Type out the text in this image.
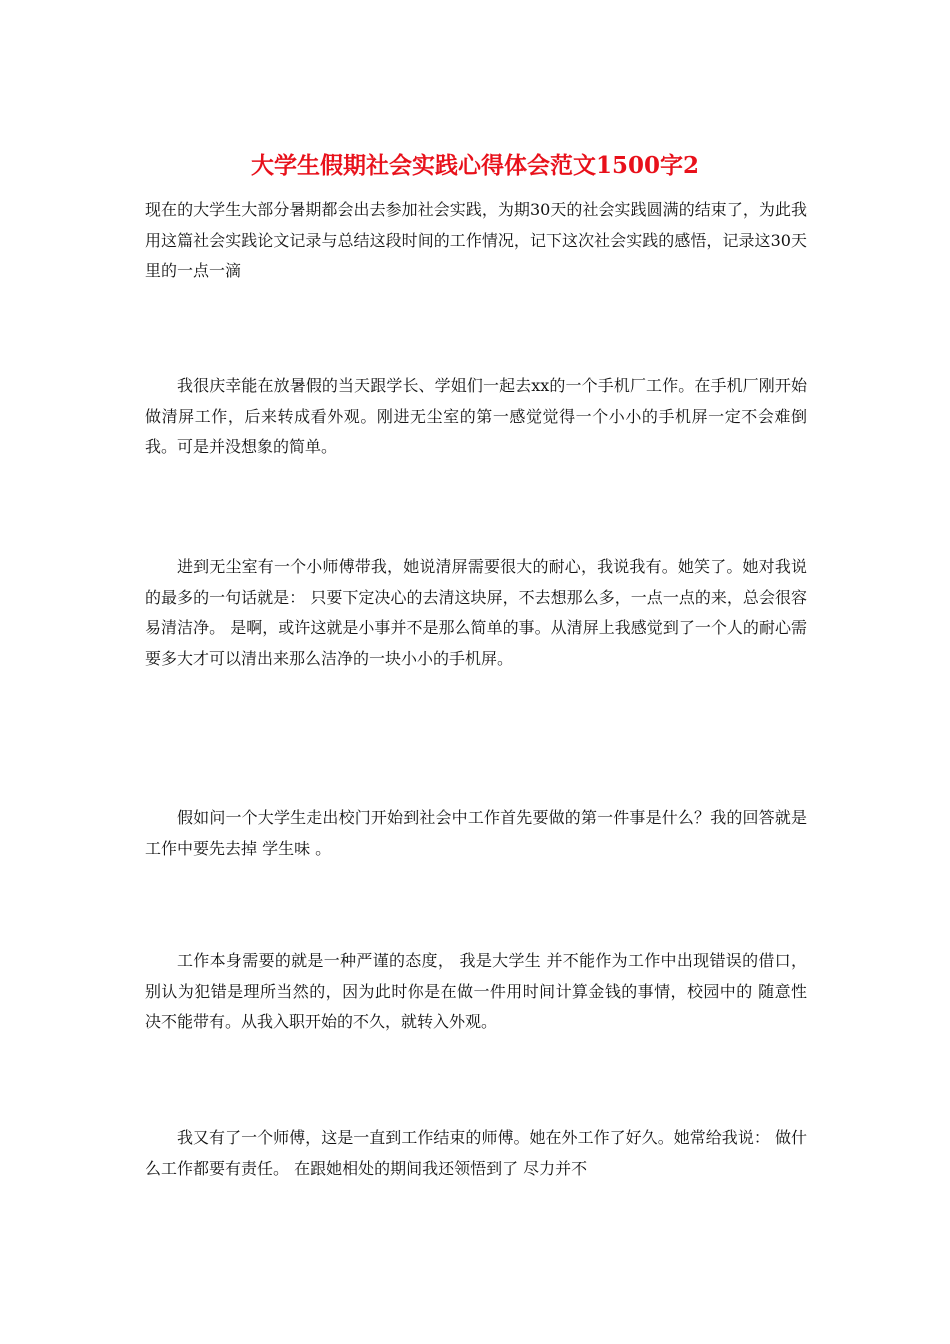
大学生假期社会实践心得体会范文1500字2

现在的大学生大部分暑期都会出去参加社会实践，为期30天的社会实践圆满的结束了，为此我用这篇社会实践论文记录与总结这段时间的工作情况，记下这次社会实践的感悟，记录这30天里的一点一滴

我很庆幸能在放暑假的当天跟学长、学姐们一起去xx的一个手机厂工作。在手机厂刚开始做清屏工作，后来转成看外观。刚进无尘室的第一感觉觉得一个小小的手机屏一定不会难倒我。可是并没想象的简单。

进到无尘室有一个小师傅带我，她说清屏需要很大的耐心，我说我有。她笑了。她对我说的最多的一句话就是： 只要下定决心的去清这块屏，不去想那么多，一点一点的来，总会很容易清洁净。 是啊，或许这就是小事并不是那么简单的事。从清屏上我感觉到了一个人的耐心需要多大才可以清出来那么洁净的一块小小的手机屏。

假如问一个大学生走出校门开始到社会中工作首先要做的第一件事是什么？我的回答就是工作中要先去掉 学生味 。

工作本身需要的就是一种严谨的态度， 我是大学生 并不能作为工作中出现错误的借口，别认为犯错是理所当然的，因为此时你是在做一件用时间计算金钱的事情，校园中的 随意性 决不能带有。从我入职开始的不久，就转入外观。

我又有了一个师傅，这是一直到工作结束的师傅。她在外工作了好久。她常给我说： 做什么工作都要有责任。 在跟她相处的期间我还领悟到了 尽力并不
